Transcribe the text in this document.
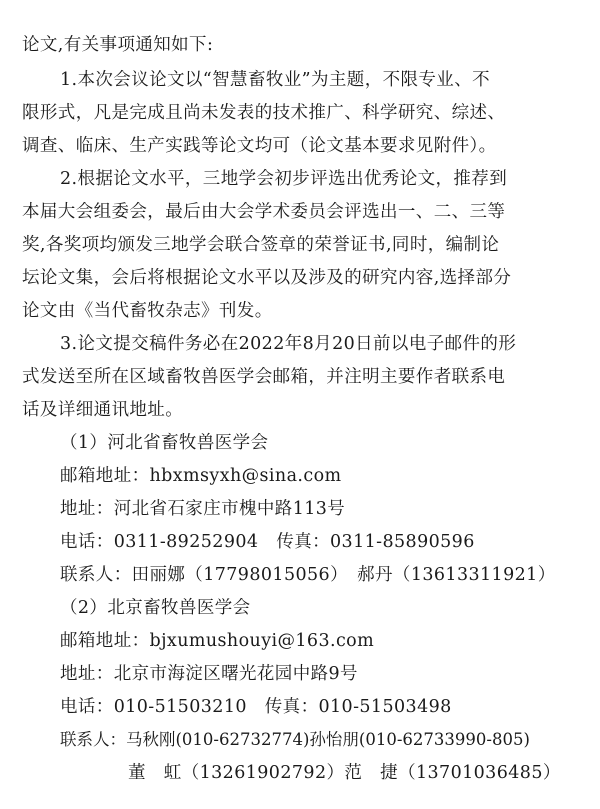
论文,有关事项通知如下:
1.本次会议论文以“智慧畜牧业”为主题，不限专业、不
限形式，凡是完成且尚未发表的技术推广、科学研究、综述、
调查、临床、生产实践等论文均可（论文基本要求见附件）。
2.根据论文水平，三地学会初步评选出优秀论文，推荐到
本届大会组委会，最后由大会学术委员会评选出一、二、三等
奖,各奖项均颁发三地学会联合签章的荣誉证书,同时，编制论
坛论文集，会后将根据论文水平以及涉及的研究内容,选择部分
论文由《当代畜牧杂志》刊发。
3.论文提交稿件务必在2022年8月20日前以电子邮件的形
式发送至所在区域畜牧兽医学会邮箱，并注明主要作者联系电
话及详细通讯地址。
（1）河北省畜牧兽医学会
邮箱地址：hbxmsyxh@sina.com
地址：河北省石家庄市槐中路113号
电话：0311-89252904　传真：0311-85890596
联系人：田丽娜（17798015056）　郝丹（13613311921）
（2）北京畜牧兽医学会
邮箱地址：bjxumushouyi@163.com
地址：北京市海淀区曙光花园中路9号
电话：010-51503210　传真：010-51503498
联系人：马秋刚(010-62732774)孙怡朋(010-62733990-805)
董　虹（13261902792）范　捷（13701036485）
